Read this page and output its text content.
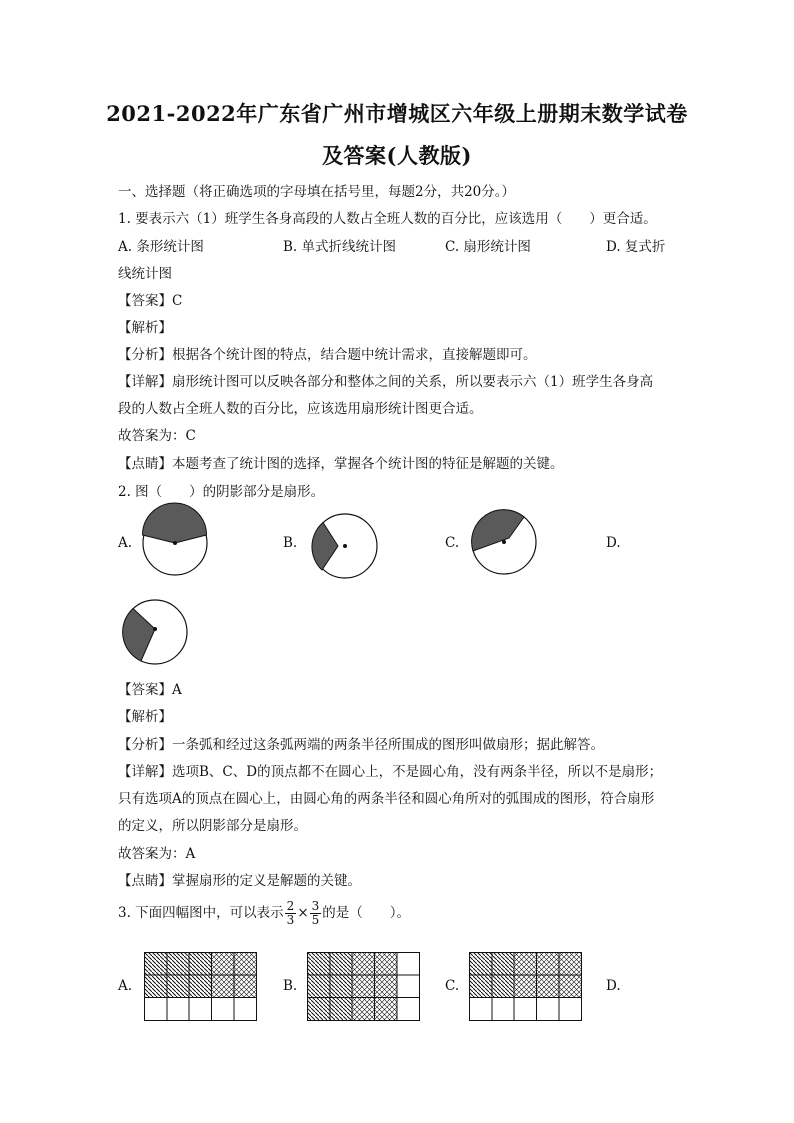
2021-2022年广东省广州市增城区六年级上册期末数学试卷
及答案(人教版)
一、选择题（将正确选项的字母填在括号里，每题2分，共20分。）
1. 要表示六（1）班学生各身高段的人数占全班人数的百分比，应该选用（　　）更合适。
A. 条形统计图	B. 单式折线统计图	C. 扇形统计图	D. 复式折
线统计图
【答案】C
【解析】
【分析】根据各个统计图的特点，结合题中统计需求，直接解题即可。
【详解】扇形统计图可以反映各部分和整体之间的关系，所以要表示六（1）班学生各身高
段的人数占全班人数的百分比，应该选用扇形统计图更合适。
故答案为：C
【点睛】本题考查了统计图的选择，掌握各个统计图的特征是解题的关键。
2. 图（　　）的阴影部分是扇形。
A.	B.	C.	D.
【答案】A
【解析】
【分析】一条弧和经过这条弧两端的两条半径所围成的图形叫做扇形；据此解答。
【详解】选项B、C、D的顶点都不在圆心上，不是圆心角，没有两条半径，所以不是扇形；
只有选项A的顶点在圆心上，由圆心角的两条半径和圆心角所对的弧围成的图形，符合扇形
的定义，所以阴影部分是扇形。
故答案为：A
【点睛】掌握扇形的定义是解题的关键。
3. 下面四幅图中，可以表示 $\frac{2}{3} \times \frac{3}{5}$ 的是（　　）。
A.	B.	C.	D.
